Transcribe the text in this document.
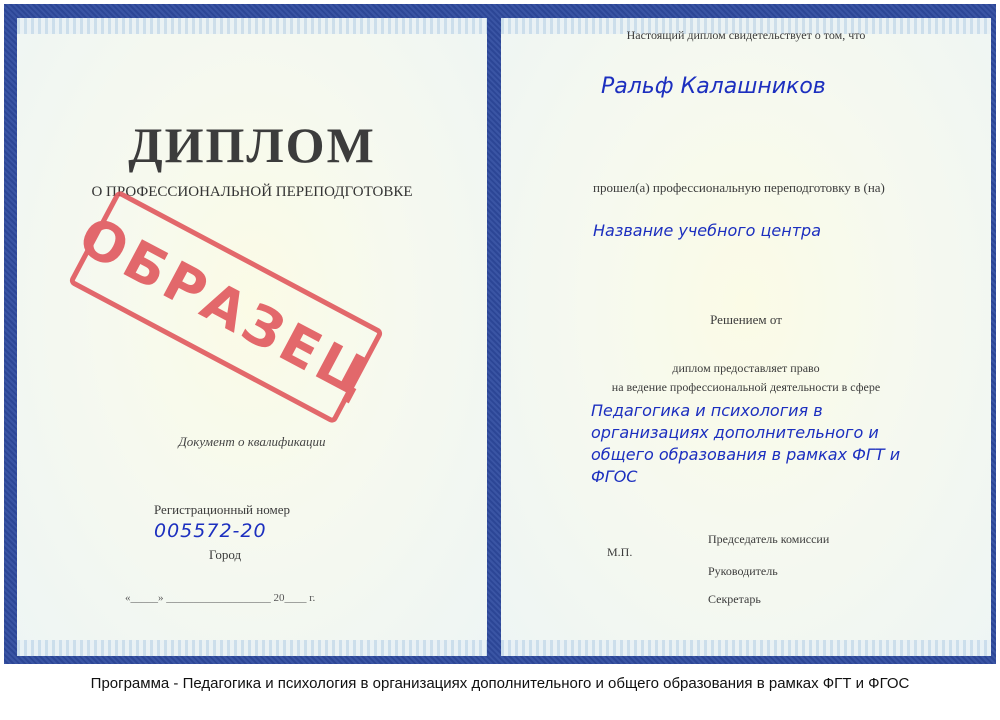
ДИПЛОМ
О ПРОФЕССИОНАЛЬНОЙ ПЕРЕПОДГОТОВКЕ
ОБРАЗЕЦ
Документ о квалификации
Регистрационный номер
005572-20
Город
«_____» ___________________ 20____ г.
Настоящий диплом свидетельствует о том, что
Ральф Калашников
прошел(а) профессиональную переподготовку в (на)
Название учебного центра
Решением от
диплом предоставляет право
на ведение профессиональной деятельности в сфере
Педагогика и психология в организациях дополнительного и общего образования в рамках ФГТ и ФГОС
Председатель комиссии
М.П.
Руководитель
Секретарь
Программа - Педагогика и психология в организациях дополнительного и общего образования в рамках ФГТ и ФГОС
